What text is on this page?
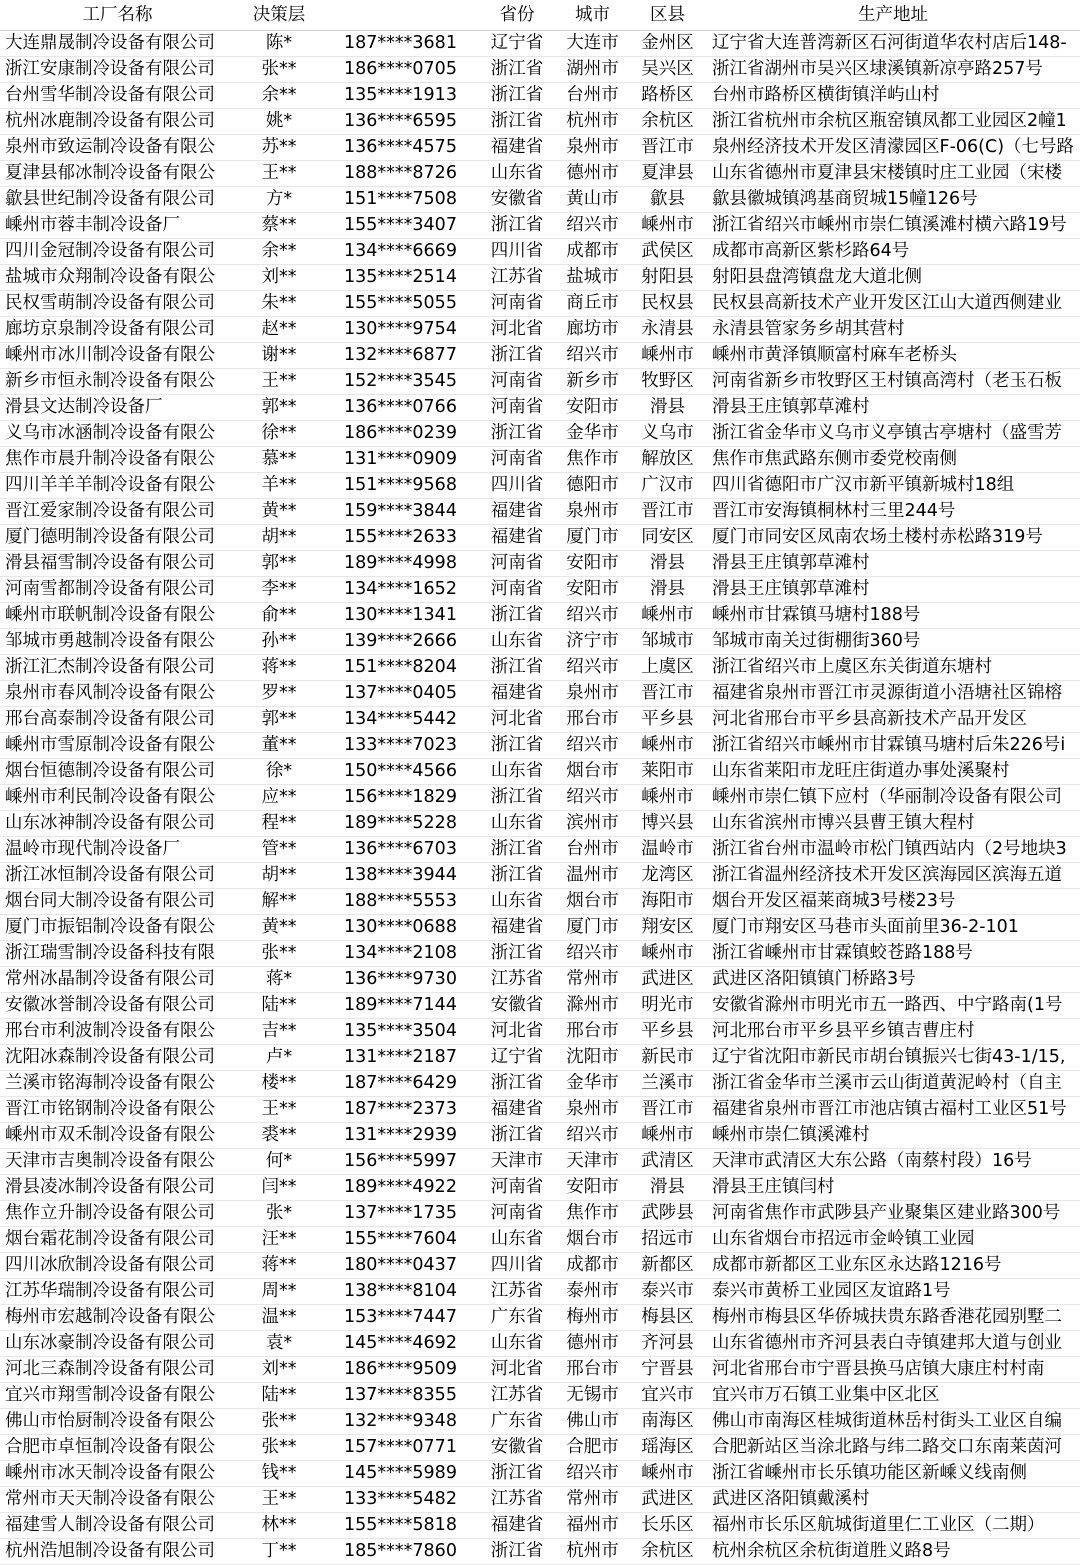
工厂名称	决策层		省份	城市	区县	生产地址
大连鼎晟制冷设备有限公司	陈*	187****3681	辽宁省	大连市	金州区	辽宁省大连普湾新区石河街道华农村店后148-
浙江安康制冷设备有限公司	张**	186****0705	浙江省	湖州市	吴兴区	浙江省湖州市吴兴区埭溪镇新凉亭路257号
台州雪华制冷设备有限公司	余**	135****1913	浙江省	台州市	路桥区	台州市路桥区横街镇洋屿山村
杭州冰鹿制冷设备有限公司	姚*	136****6595	浙江省	杭州市	余杭区	浙江省杭州市余杭区瓶窑镇凤都工业园区2幢1
泉州市致运制冷设备有限公	苏**	136****4575	福建省	泉州市	晋江市	泉州经济技术开发区清濛园区F-06(C)（七号路
夏津县郁冰制冷设备有限公	王**	188****8726	山东省	德州市	夏津县	山东省德州市夏津县宋楼镇时庄工业园（宋楼
歙县世纪制冷设备有限公司	方*	151****7508	安徽省	黄山市	歙县	歙县徽城镇鸿基商贸城15幢126号
嵊州市蓉丰制冷设备厂	蔡**	155****3407	浙江省	绍兴市	嵊州市	浙江省绍兴市嵊州市崇仁镇溪滩村横六路19号
四川金冠制冷设备有限公司	余**	134****6669	四川省	成都市	武侯区	成都市高新区紫杉路64号
盐城市众翔制冷设备有限公	刘**	135****2514	江苏省	盐城市	射阳县	射阳县盘湾镇盘龙大道北侧
民权雪萌制冷设备有限公司	朱**	155****5055	河南省	商丘市	民权县	民权县高新技术产业开发区江山大道西侧建业
廊坊京泉制冷设备有限公司	赵**	130****9754	河北省	廊坊市	永清县	永清县管家务乡胡其营村
嵊州市冰川制冷设备有限公	谢**	132****6877	浙江省	绍兴市	嵊州市	嵊州市黄泽镇顺富村麻车老桥头
新乡市恒永制冷设备有限公	王**	152****3545	河南省	新乡市	牧野区	河南省新乡市牧野区王村镇高湾村（老玉石板
滑县文达制冷设备厂	郭**	136****0766	河南省	安阳市	滑县	滑县王庄镇郭草滩村
义乌市冰涵制冷设备有限公	徐**	186****0239	浙江省	金华市	义乌市	浙江省金华市义乌市义亭镇古亭塘村（盛雪芳
焦作市晨升制冷设备有限公	慕**	131****0909	河南省	焦作市	解放区	焦作市焦武路东侧市委党校南侧
四川羊羊羊制冷设备有限公	羊**	151****9568	四川省	德阳市	广汉市	四川省德阳市广汉市新平镇新城村18组
晋江爱家制冷设备有限公司	黄**	159****3844	福建省	泉州市	晋江市	晋江市安海镇桐林村三里244号
厦门德明制冷设备有限公司	胡**	155****2633	福建省	厦门市	同安区	厦门市同安区凤南农场土楼村赤松路319号
滑县福雪制冷设备有限公司	郭**	189****4998	河南省	安阳市	滑县	滑县王庄镇郭草滩村
河南雪都制冷设备有限公司	李**	134****1652	河南省	安阳市	滑县	滑县王庄镇郭草滩村
嵊州市联帆制冷设备有限公	俞**	130****1341	浙江省	绍兴市	嵊州市	嵊州市甘霖镇马塘村188号
邹城市勇越制冷设备有限公	孙**	139****2666	山东省	济宁市	邹城市	邹城市南关过街棚街360号
浙江汇杰制冷设备有限公司	蒋**	151****8204	浙江省	绍兴市	上虞区	浙江省绍兴市上虞区东关街道东塘村
泉州市春风制冷设备有限公	罗**	137****0405	福建省	泉州市	晋江市	福建省泉州市晋江市灵源街道小浯塘社区锦榕
邢台高泰制冷设备有限公司	郭**	134****5442	河北省	邢台市	平乡县	河北省邢台市平乡县高新技术产品开发区
嵊州市雪原制冷设备有限公	董**	133****7023	浙江省	绍兴市	嵊州市	浙江省绍兴市嵊州市甘霖镇马塘村后朱226号i
烟台恒德制冷设备有限公司	徐*	150****4566	山东省	烟台市	莱阳市	山东省莱阳市龙旺庄街道办事处溪聚村
嵊州市利民制冷设备有限公	应**	156****1829	浙江省	绍兴市	嵊州市	嵊州市崇仁镇下应村（华丽制冷设备有限公司
山东冰神制冷设备有限公司	程**	189****5228	山东省	滨州市	博兴县	山东省滨州市博兴县曹王镇大程村
温岭市现代制冷设备厂	管**	136****6703	浙江省	台州市	温岭市	浙江省台州市温岭市松门镇西站内（2号地块3
浙江冰恒制冷设备有限公司	胡**	138****3944	浙江省	温州市	龙湾区	浙江省温州经济技术开发区滨海园区滨海五道
烟台同大制冷设备有限公司	解**	188****5553	山东省	烟台市	海阳市	烟台开发区福莱商城3号楼23号
厦门市振铝制冷设备有限公	黄**	130****0688	福建省	厦门市	翔安区	厦门市翔安区马巷市头面前里36-2-101
浙江瑞雪制冷设备科技有限	张**	134****2108	浙江省	绍兴市	嵊州市	浙江省嵊州市甘霖镇蛟苍路188号
常州冰晶制冷设备有限公司	蒋*	136****9730	江苏省	常州市	武进区	武进区洛阳镇镇门桥路3号
安徽冰誉制冷设备有限公司	陆**	189****7144	安徽省	滁州市	明光市	安徽省滁州市明光市五一路西、中宁路南(1号
邢台市利波制冷设备有限公	吉**	135****3504	河北省	邢台市	平乡县	河北邢台市平乡县平乡镇吉曹庄村
沈阳冰森制冷设备有限公司	卢*	131****2187	辽宁省	沈阳市	新民市	辽宁省沈阳市新民市胡台镇振兴七街43-1/15,
兰溪市铭海制冷设备有限公	楼**	187****6429	浙江省	金华市	兰溪市	浙江省金华市兰溪市云山街道黄泥岭村（自主
晋江市铭钢制冷设备有限公	王**	187****2373	福建省	泉州市	晋江市	福建省泉州市晋江市池店镇古福村工业区51号
嵊州市双禾制冷设备有限公	裘**	131****2939	浙江省	绍兴市	嵊州市	嵊州市崇仁镇溪滩村
天津市吉奥制冷设备有限公	何*	156****5997	天津市	天津市	武清区	天津市武清区大东公路（南蔡村段）16号
滑县凌冰制冷设备有限公司	闫**	189****4922	河南省	安阳市	滑县	滑县王庄镇闫村
焦作立升制冷设备有限公司	张*	137****1735	河南省	焦作市	武陟县	河南省焦作市武陟县产业聚集区建业路300号
烟台霜花制冷设备有限公司	汪**	155****7604	山东省	烟台市	招远市	山东省烟台市招远市金岭镇工业园
四川冰欣制冷设备有限公司	蒋**	180****0437	四川省	成都市	新都区	成都市新都区工业东区永达路1216号
江苏华瑞制冷设备有限公司	周**	138****8104	江苏省	泰州市	泰兴市	泰兴市黄桥工业园区友谊路1号
梅州市宏越制冷设备有限公	温**	153****7447	广东省	梅州市	梅县区	梅州市梅县区华侨城扶贵东路香港花园别墅二
山东冰豪制冷设备有限公司	袁*	145****4692	山东省	德州市	齐河县	山东省德州市齐河县表白寺镇建邦大道与创业
河北三森制冷设备有限公司	刘**	186****9509	河北省	邢台市	宁晋县	河北省邢台市宁晋县换马店镇大康庄村村南
宜兴市翔雪制冷设备有限公	陆**	137****8355	江苏省	无锡市	宜兴市	宜兴市万石镇工业集中区北区
佛山市怡厨制冷设备有限公	张**	132****9348	广东省	佛山市	南海区	佛山市南海区桂城街道林岳村街头工业区自编
合肥市卓恒制冷设备有限公	张**	157****0771	安徽省	合肥市	瑶海区	合肥新站区当涂北路与纬二路交口东南莱茵河
嵊州市冰天制冷设备有限公	钱**	145****5989	浙江省	绍兴市	嵊州市	浙江省嵊州市长乐镇功能区新嵊义线南侧
常州市天天制冷设备有限公	王**	133****5482	江苏省	常州市	武进区	武进区洛阳镇戴溪村
福建雪人制冷设备有限公司	林**	155****5818	福建省	福州市	长乐区	福州市长乐区航城街道里仁工业区（二期）
杭州浩旭制冷设备有限公司	丁**	185****7860	浙江省	杭州市	余杭区	杭州余杭区余杭街道胜义路8号
